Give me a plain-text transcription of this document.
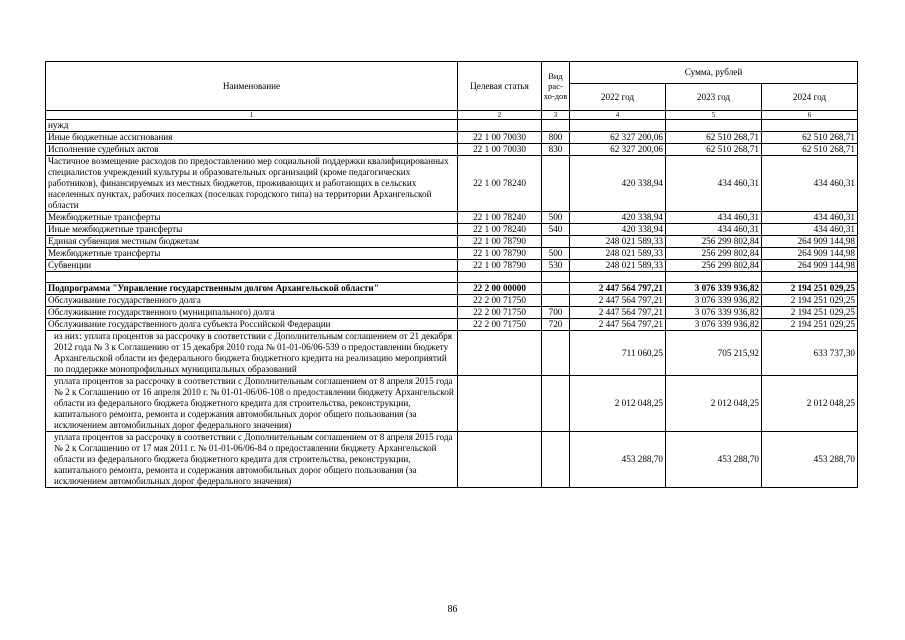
Наименование	Целевая статья	Вид рас-хо-дов	Сумма, рублей		
			2022 год	2023 год	2024 год
1	2	3	4	5	6
нужд					
Иные бюджетные ассигнования	22 1 00 70030	800	62 327 200,06	62 510 268,71	62 510 268,71
Исполнение судебных актов	22 1 00 70030	830	62 327 200,06	62 510 268,71	62 510 268,71
Частичное возмещение расходов по предоставлению мер социальной поддержки квалифицированных специалистов учреждений культуры и образовательных организаций (кроме педагогических работников), финансируемых из местных бюджетов, проживающих и работающих в сельских населенных пунктах, рабочих поселках (поселках городского типа) на территории Архангельской области	22 1 00 78240		420 338,94	434 460,31	434 460,31
Межбюджетные трансферты	22 1 00 78240	500	420 338,94	434 460,31	434 460,31
Иные межбюджетные трансферты	22 1 00 78240	540	420 338,94	434 460,31	434 460,31
Единая субвенция местным бюджетам	22 1 00 78790		248 021 589,33	256 299 802,84	264 909 144,98
Межбюджетные трансферты	22 1 00 78790	500	248 021 589,33	256 299 802,84	264 909 144,98
Субвенции	22 1 00 78790	530	248 021 589,33	256 299 802,84	264 909 144,98

Подпрограмма "Управление государственным долгом Архангельской области"	22 2 00 00000		2 447 564 797,21	3 076 339 936,82	2 194 251 029,25
Обслуживание государственного долга	22 2 00 71750		2 447 564 797,21	3 076 339 936,82	2 194 251 029,25
Обслуживание государственного (муниципального) долга	22 2 00 71750	700	2 447 564 797,21	3 076 339 936,82	2 194 251 029,25
Обслуживание государственного долга субъекта Российской Федерации	22 2 00 71750	720	2 447 564 797,21	3 076 339 936,82	2 194 251 029,25
из них: уплата процентов за рассрочку в соответствии с Дополнительным соглашением от 21 декабря 2012 года № 3 к Соглашению от 15 декабря 2010 года № 01-01-06/06-539 о предоставлении бюджету Архангельской области из федерального бюджета бюджетного кредита на реализацию мероприятий по поддержке монопрофильных муниципальных образований			711 060,25	705 215,92	633 737,30
уплата процентов за рассрочку в соответствии с Дополнительным соглашением от 8 апреля 2015 года № 2 к Соглашению от 16 апреля 2010 г. № 01-01-06/06-108 о предоставлении бюджету Архангельской области из федерального бюджета бюджетного кредита для строительства, реконструкции, капитального ремонта, ремонта и содержания автомобильных дорог общего пользования (за исключением автомобильных дорог федерального значения)			2 012 048,25	2 012 048,25	2 012 048,25
уплата процентов за рассрочку в соответствии с Дополнительным соглашением от 8 апреля 2015 года № 2 к Соглашению от 17 мая 2011 г. № 01-01-06/06-84 о предоставлении бюджету Архангельской области из федерального бюджета бюджетного кредита для строительства, реконструкции, капитального ремонта, ремонта и содержания автомобильных дорог общего пользования (за исключением автомобильных дорог федерального значения)			453 288,70	453 288,70	453 288,70
86
